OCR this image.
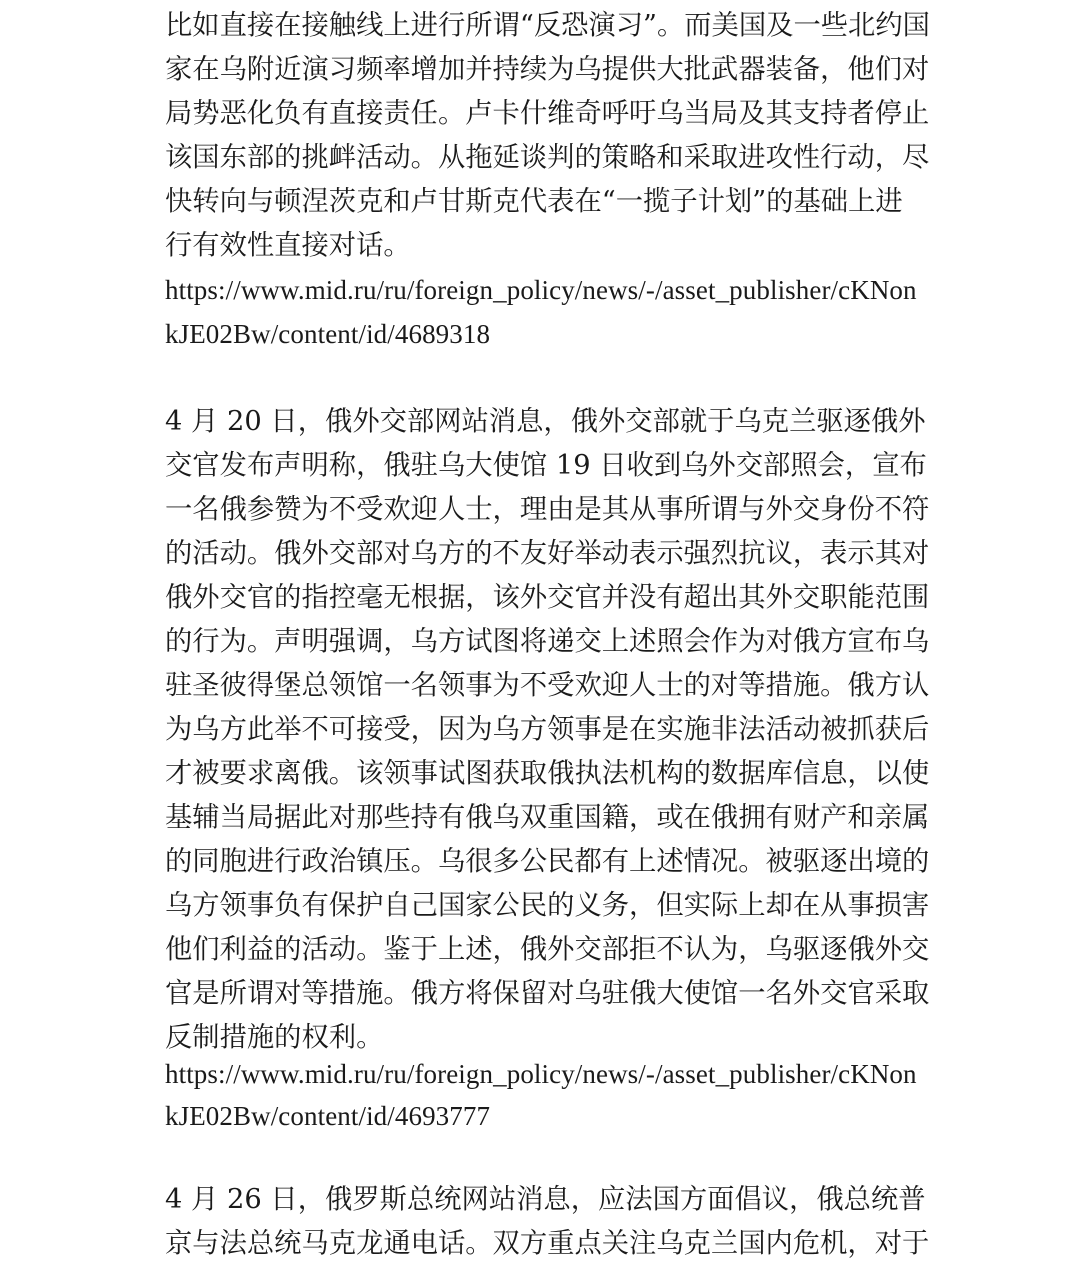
比如直接在接触线上进行所谓“反恐演习”。而美国及一些北约国
家在乌附近演习频率增加并持续为乌提供大批武器装备，他们对
局势恶化负有直接责任。卢卡什维奇呼吁乌当局及其支持者停止
该国东部的挑衅活动。从拖延谈判的策略和采取进攻性行动，尽
快转向与顿涅茨克和卢甘斯克代表在“一揽子计划”的基础上进
行有效性直接对话。
https://www.mid.ru/ru/foreign_policy/news/-/asset_publisher/cKNon
kJE02Bw/content/id/4689318
4 月 20 日，俄外交部网站消息，俄外交部就于乌克兰驱逐俄外
交官发布声明称，俄驻乌大使馆 19 日收到乌外交部照会，宣布
一名俄参赞为不受欢迎人士，理由是其从事所谓与外交身份不符
的活动。俄外交部对乌方的不友好举动表示强烈抗议，表示其对
俄外交官的指控毫无根据，该外交官并没有超出其外交职能范围
的行为。声明强调，乌方试图将递交上述照会作为对俄方宣布乌
驻圣彼得堡总领馆一名领事为不受欢迎人士的对等措施。俄方认
为乌方此举不可接受，因为乌方领事是在实施非法活动被抓获后
才被要求离俄。该领事试图获取俄执法机构的数据库信息，以使
基辅当局据此对那些持有俄乌双重国籍，或在俄拥有财产和亲属
的同胞进行政治镇压。乌很多公民都有上述情况。被驱逐出境的
乌方领事负有保护自己国家公民的义务，但实际上却在从事损害
他们利益的活动。鉴于上述，俄外交部拒不认为，乌驱逐俄外交
官是所谓对等措施。俄方将保留对乌驻俄大使馆一名外交官采取
反制措施的权利。
https://www.mid.ru/ru/foreign_policy/news/-/asset_publisher/cKNon
kJE02Bw/content/id/4693777
4 月 26 日，俄罗斯总统网站消息，应法国方面倡议，俄总统普
京与法总统马克龙通电话。双方重点关注乌克兰国内危机，对于
